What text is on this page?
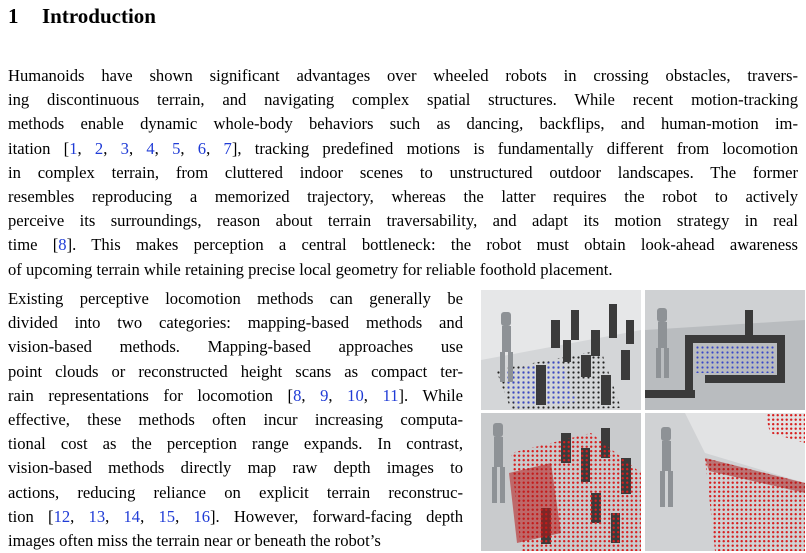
1 Introduction

Humanoids have shown significant advantages over wheeled robots in crossing obstacles, travers-
ing discontinuous terrain, and navigating complex spatial structures. While recent motion-tracking
methods enable dynamic whole-body behaviors such as dancing, backflips, and human-motion im-
itation [1, 2, 3, 4, 5, 6, 7], tracking predefined motions is fundamentally different from locomotion
in complex terrain, from cluttered indoor scenes to unstructured outdoor landscapes. The former
resembles reproducing a memorized trajectory, whereas the latter requires the robot to actively
perceive its surroundings, reason about terrain traversability, and adapt its motion strategy in real
time [8]. This makes perception a central bottleneck: the robot must obtain look-ahead awareness
of upcoming terrain while retaining precise local geometry for reliable foothold placement.

Existing perceptive locomotion methods can generally be
divided into two categories: mapping-based methods and
vision-based methods. Mapping-based approaches use
point clouds or reconstructed height scans as compact ter-
rain representations for locomotion [8, 9, 10, 11]. While
effective, these methods often incur increasing computa-
tional cost as the perception range expands. In contrast,
vision-based methods directly map raw depth images to
actions, reducing reliance on explicit terrain reconstruc-
tion [12, 13, 14, 15, 16]. However, forward-facing depth
images often miss the terrain near or beneath the robot’s
